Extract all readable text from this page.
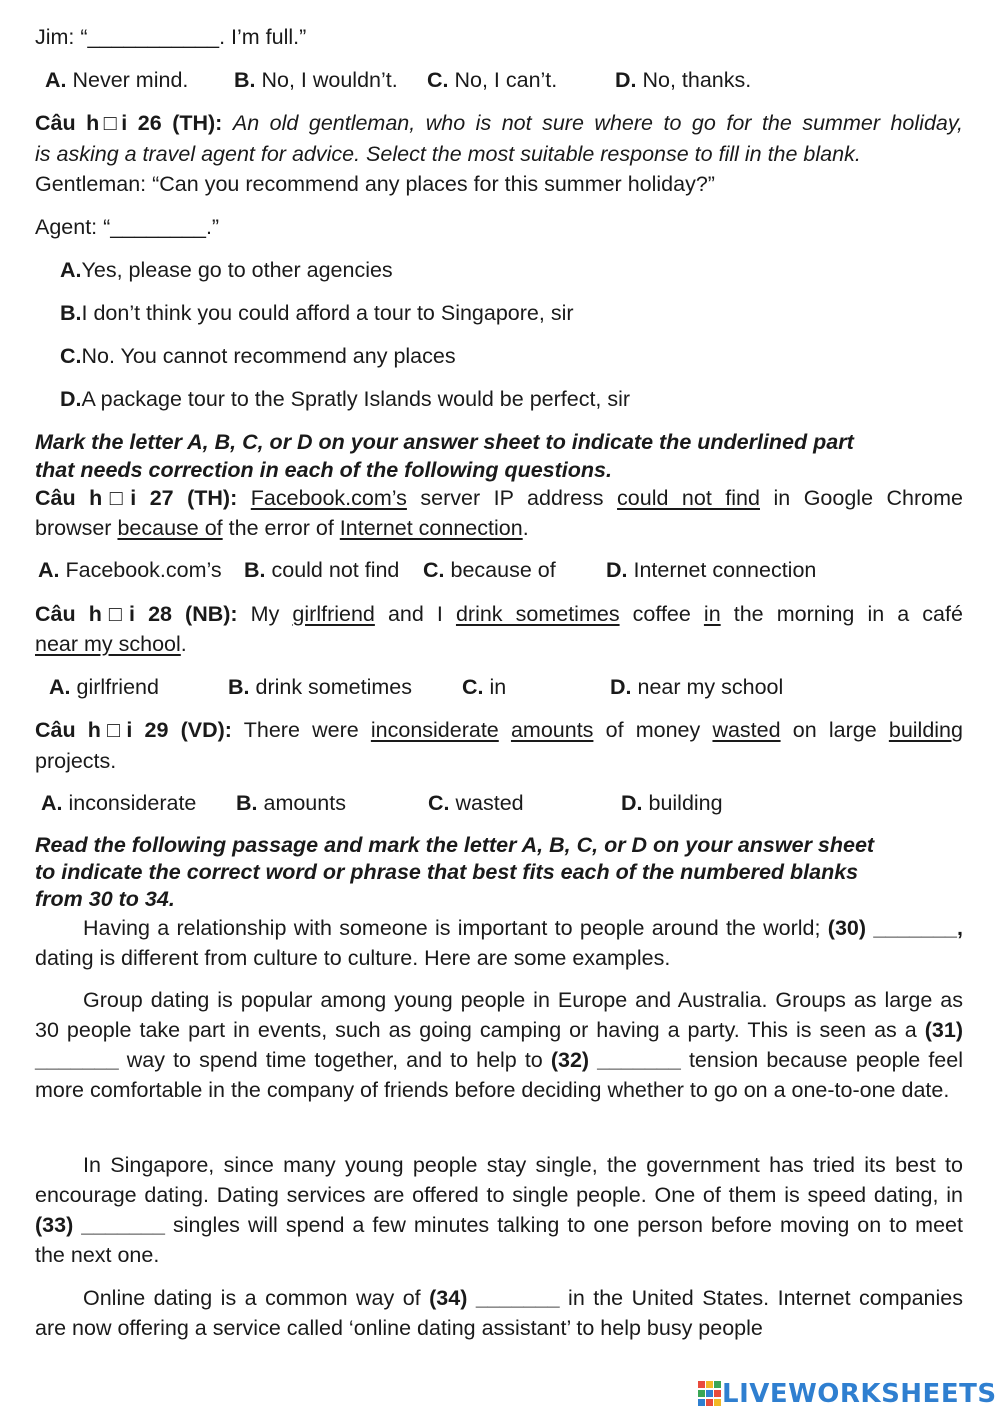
Jim: “___________. I’m full.”
A. Never mind. B. No, I wouldn’t. C. No, I can’t.	D. No, thanks.
Câu h□i 26 (TH): An old gentleman, who is not sure where to go for the summer holiday,
is asking a travel agent for advice. Select the most suitable response to fill in the blank.
Gentleman: “Can you recommend any places for this summer holiday?”
Agent: “________.”
A.Yes, please go to other agencies
B.I don’t think you could afford a tour to Singapore, sir
C.No. You cannot recommend any places
D.A package tour to the Spratly Islands would be perfect, sir
Mark the letter A, B, C, or D on your answer sheet to indicate the underlined part
that needs correction in each of the following questions.
Câu h□i 27 (TH): Facebook.com’s server IP address could not find in Google Chrome
browser because of the error of Internet connection.
A. Facebook.com’s B. could not find C. because of D. Internet connection
Câu h□i 28 (NB): My girlfriend and I drink sometimes coffee in the morning in a café
near my school.
A. girlfriend	B. drink sometimes C. in	D. near my school
Câu h□i 29 (VD): There were inconsiderate amounts of money wasted on large building
projects.
A. inconsiderate B. amounts	C. wasted	D. building
Read the following passage and mark the letter A, B, C, or D on your answer sheet
to indicate the correct word or phrase that best fits each of the numbered blanks
from 30 to 34.
Having a relationship with someone is important to people around the world; (30) _______, dating is different from culture to culture. Here are some examples.
Group dating is popular among young people in Europe and Australia. Groups as large as 30 people take part in events, such as going camping or having a party. This is seen as a (31) _______ way to spend time together, and to help to (32) _______ tension because people feel more comfortable in the company of friends before deciding whether to go on a one-to-one date.
In Singapore, since many young people stay single, the government has tried its best to encourage dating. Dating services are offered to single people. One of them is speed dating, in (33) _______ singles will spend a few minutes talking to one person before moving on to meet the next one.
Online dating is a common way of (34) _______ in the United States. Internet companies are now offering a service called ‘online dating assistant’ to help busy people
LIVEWORKSHEETS
